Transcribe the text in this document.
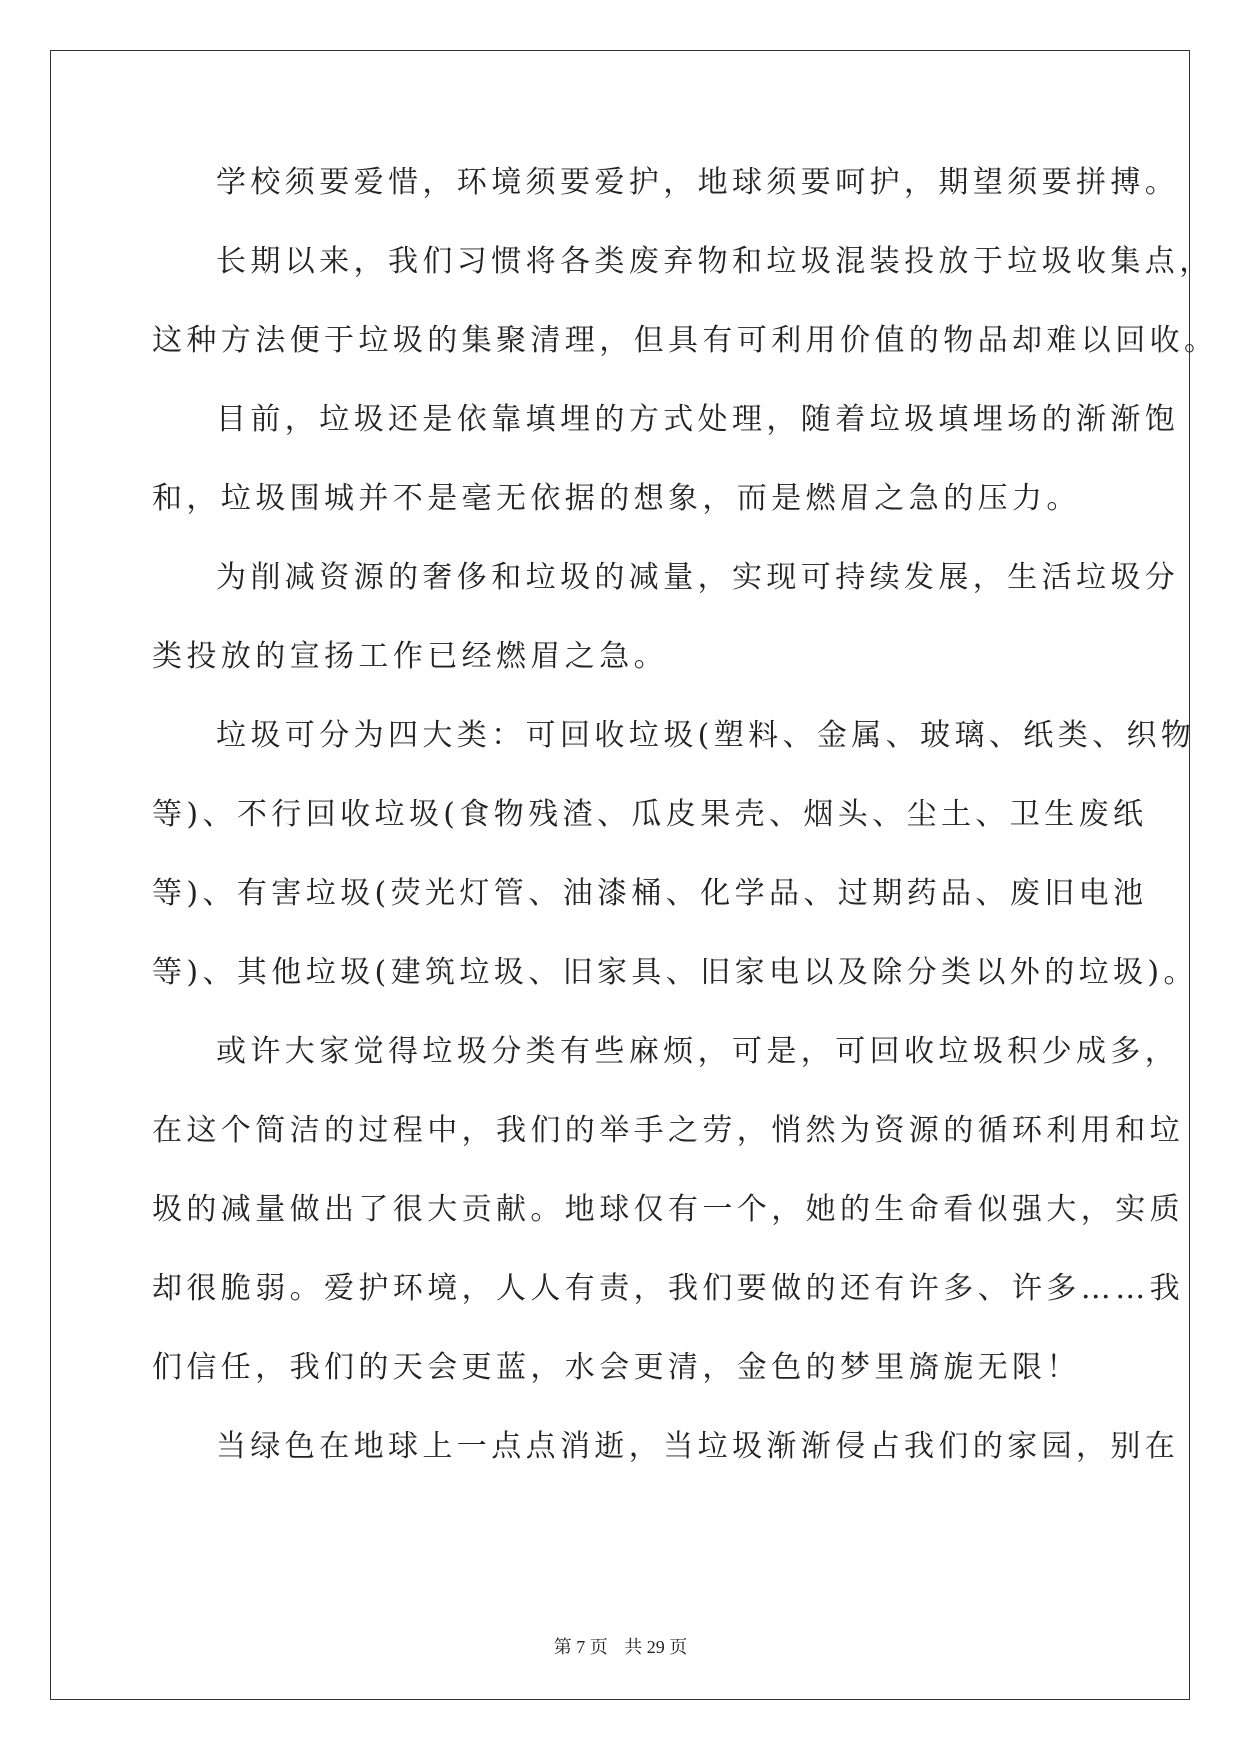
学校须要爱惜，环境须要爱护，地球须要呵护，期望须要拼搏。
长期以来，我们习惯将各类废弃物和垃圾混装投放于垃圾收集点，
这种方法便于垃圾的集聚清理，但具有可利用价值的物品却难以回收。
目前，垃圾还是依靠填埋的方式处理，随着垃圾填埋场的渐渐饱
和，垃圾围城并不是毫无依据的想象，而是燃眉之急的压力。
为削减资源的奢侈和垃圾的减量，实现可持续发展，生活垃圾分
类投放的宣扬工作已经燃眉之急。
垃圾可分为四大类：可回收垃圾(塑料、金属、玻璃、纸类、织物
等)、不行回收垃圾(食物残渣、瓜皮果壳、烟头、尘土、卫生废纸
等)、有害垃圾(荧光灯管、油漆桶、化学品、过期药品、废旧电池
等)、其他垃圾(建筑垃圾、旧家具、旧家电以及除分类以外的垃圾)。
或许大家觉得垃圾分类有些麻烦，可是，可回收垃圾积少成多，
在这个简洁的过程中，我们的举手之劳，悄然为资源的循环利用和垃
圾的减量做出了很大贡献。地球仅有一个，她的生命看似强大，实质
却很脆弱。爱护环境，人人有责，我们要做的还有许多、许多……我
们信任，我们的天会更蓝，水会更清，金色的梦里旖旎无限！
当绿色在地球上一点点消逝，当垃圾渐渐侵占我们的家园，别在
第 7 页 共 29 页
